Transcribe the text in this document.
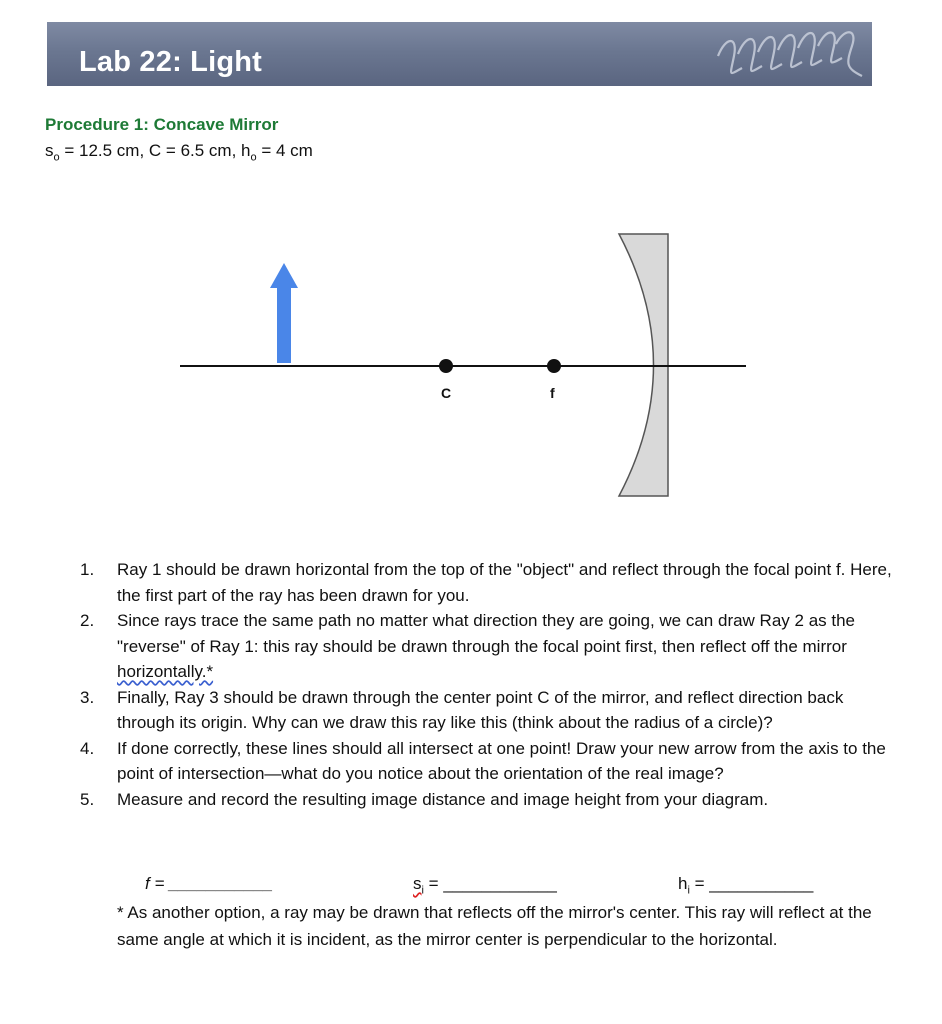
Lab 22: Light
Procedure 1: Concave Mirror
$s_o = 12.5$ cm, C = 6.5 cm, $h_o = 4$ cm
C	f
1.	Ray 1 should be drawn horizontal from the top of the "object" and reflect through the focal point f. Here, the first part of the ray has been drawn for you.
2.	Since rays trace the same path no matter what direction they are going, we can draw Ray 2 as the "reverse" of Ray 1: this ray should be drawn through the focal point first, then reflect off the mirror horizontally.*
3.	Finally, Ray 3 should be drawn through the center point C of the mirror, and reflect direction back through its origin. Why can we draw this ray like this (think about the radius of a circle)?
4.	If done correctly, these lines should all intersect at one point! Draw your new arrow from the axis to the point of intersection—what do you notice about the orientation of the real image?
5.	Measure and record the resulting image distance and image height from your diagram.
f = ___________	$s_i$ = ____________	$h_i$ = ___________
* As another option, a ray may be drawn that reflects off the mirror's center. This ray will reflect at the same angle at which it is incident, as the mirror center is perpendicular to the horizontal.
